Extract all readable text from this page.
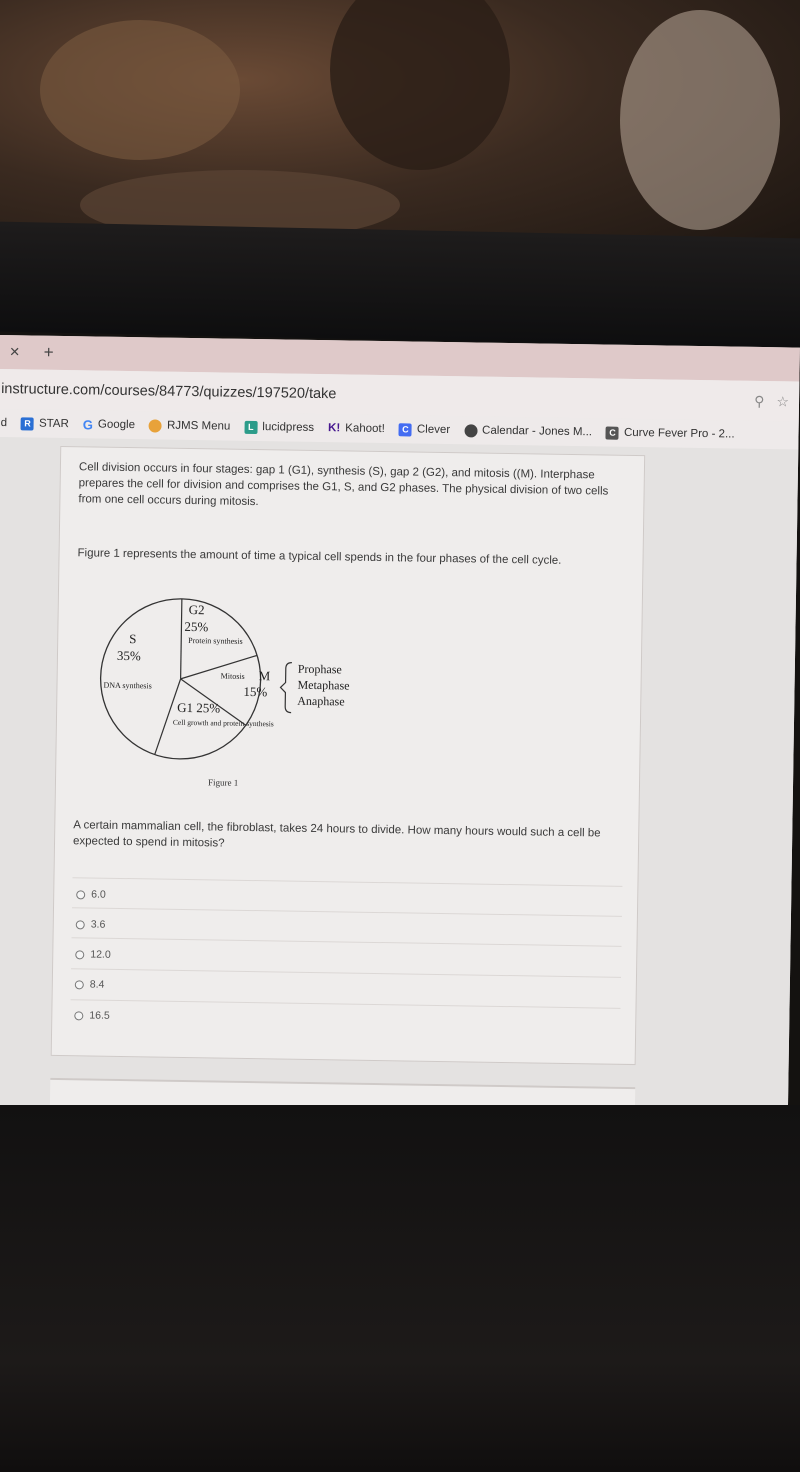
× +
instructure.com/courses/84773/quizzes/197520/take	⚲ ☆
d	R STAR G Google	RJMS Menu	L lucidpress K! Kahoot!	C Clever	Calendar - Jones M...	C Curve Fever Pro - 2...

Cell division occurs in four stages: gap 1 (G1), synthesis (S), gap 2 (G2), and mitosis ((M). Interphase prepares the cell for division and comprises the G1, S, and G2 phases. The physical division of two cells from one cell occurs during mitosis.

Figure 1 represents the amount of time a typical cell spends in the four phases of the cell cycle.

DNA synthesis
S
35%
G2
25%
M
15%
G1 25%
Protein synthesis
Mitosis
Cell growth and protein synthesis
Prophase
Metaphase
Anaphase
Figure 1

A certain mammalian cell, the fibroblast, takes 24 hours to divide. How many hours would such a cell be expected to spend in mitosis?

6.0
3.6
12.0
8.4
16.5
